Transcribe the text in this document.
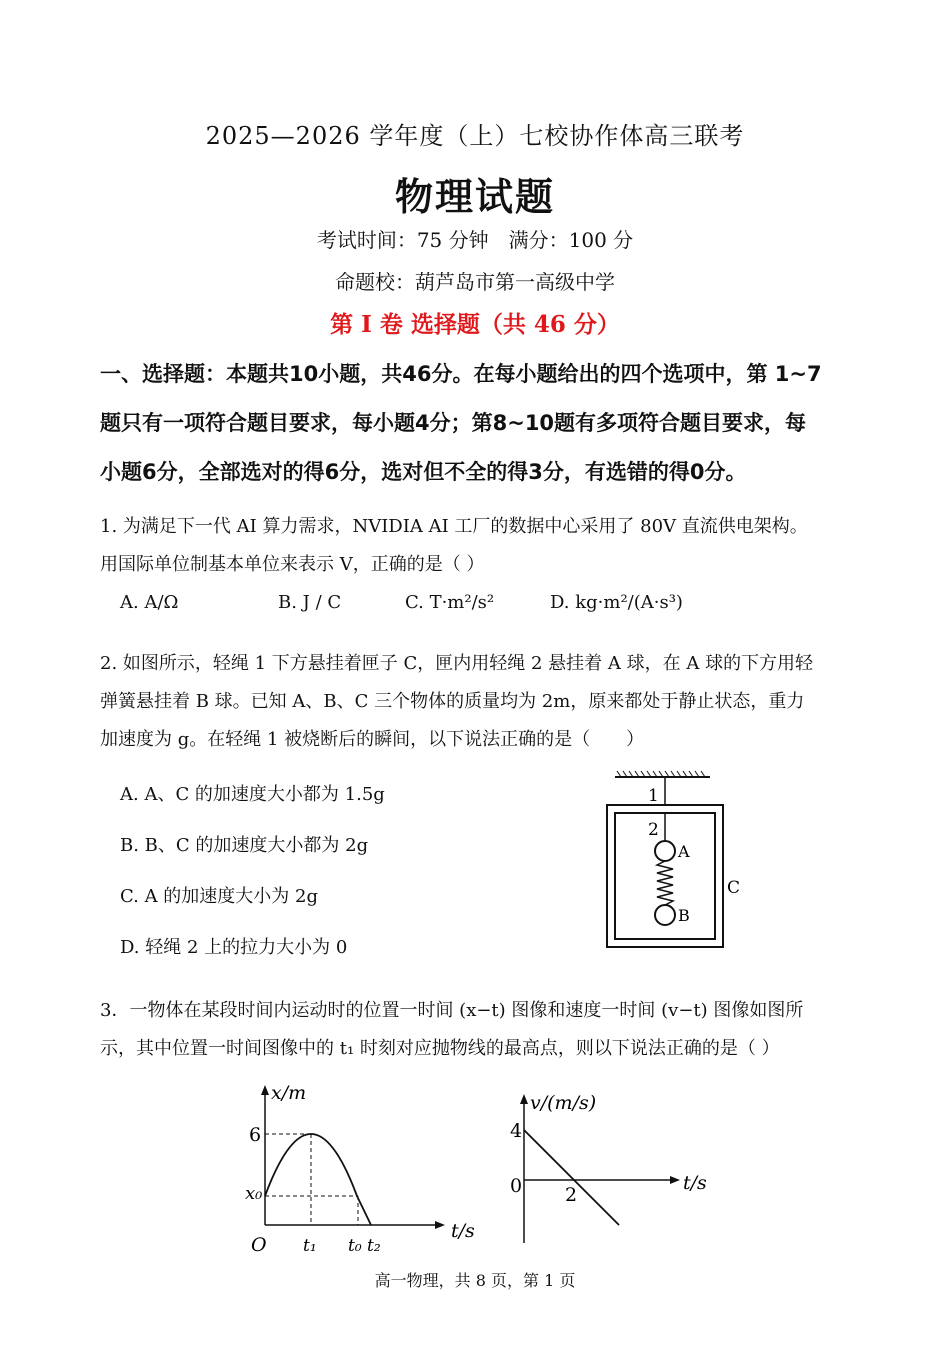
2025—2026 学年度（上）七校协作体高三联考
物理试题
考试时间：75 分钟　满分：100 分
命题校：葫芦岛市第一高级中学
第 I 卷 选择题（共 46 分）
一、选择题：本题共10小题，共46分。在每小题给出的四个选项中，第 1~7
题只有一项符合题目要求，每小题4分；第8~10题有多项符合题目要求，每
小题6分，全部选对的得6分，选对但不全的得3分，有选错的得0分。
1. 为满足下一代 AI 算力需求，NVIDIA AI 工厂的数据中心采用了 80V 直流供电架构。
用国际单位制基本单位来表示 V，正确的是（ ）
A. A/Ω	B. J / C	C. T·m²/s²	D. kg·m²/(A·s³)
2. 如图所示，轻绳 1 下方悬挂着匣子 C，匣内用轻绳 2 悬挂着 A 球，在 A 球的下方用轻
弹簧悬挂着 B 球。已知 A、B、C 三个物体的质量均为 2m，原来都处于静止状态，重力
加速度为 g。在轻绳 1 被烧断后的瞬间，以下说法正确的是（　　）
A. A、C 的加速度大小都为 1.5g
B. B、C 的加速度大小都为 2g
C. A 的加速度大小为 2g
D. 轻绳 2 上的拉力大小为 0
1
2
A
B
C
3．一物体在某段时间内运动时的位置一时间 (x−t) 图像和速度一时间 (v−t) 图像如图所
示，其中位置一时间图像中的 t₁ 时刻对应抛物线的最高点，则以下说法正确的是（ ）
x/m
t/s
O
6
x₀
t₁ t₀ t₂
v/(m/s)
t/s
0
4
2
高一物理，共 8 页，第 1 页
